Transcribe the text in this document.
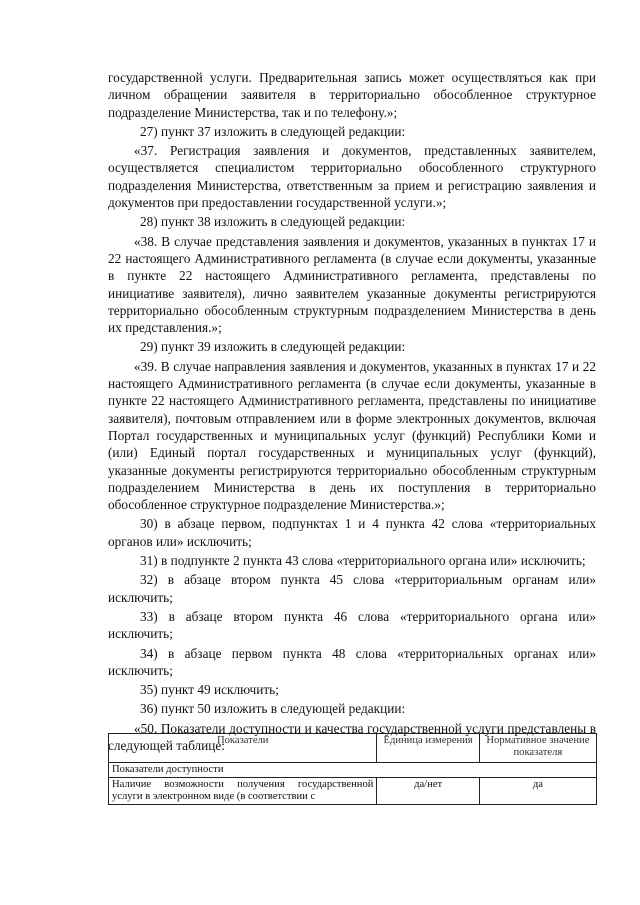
государственной услуги. Предварительная запись может осуществляться как при личном обращении заявителя в территориально обособленное структурное подразделение Министерства, так и по телефону.»;

27) пункт 37 изложить в следующей редакции:

«37. Регистрация заявления и документов, представленных заявителем, осуществляется специалистом территориально обособленного структурного подразделения Министерства, ответственным за прием и регистрацию заявления и документов при предоставлении государственной услуги.»;

28) пункт 38 изложить в следующей редакции:

«38. В случае представления заявления и документов, указанных в пунктах 17 и 22 настоящего Административного регламента (в случае если документы, указанные в пункте 22 настоящего Административного регламента, представлены по инициативе заявителя), лично заявителем указанные документы регистрируются территориально обособленным структурным подразделением Министерства в день их представления.»;

29) пункт 39 изложить в следующей редакции:

«39. В случае направления заявления и документов, указанных в пунктах 17 и 22 настоящего Административного регламента (в случае если документы, указанные в пункте 22 настоящего Административного регламента, представлены по инициативе заявителя), почтовым отправлением или в форме электронных документов, включая Портал государственных и муниципальных услуг (функций) Республики Коми и (или) Единый портал государственных и муниципальных услуг (функций), указанные документы регистрируются территориально обособленным структурным подразделением Министерства в день их поступления в территориально обособленное структурное подразделение Министерства.»;

30) в абзаце первом, подпунктах 1 и 4 пункта 42 слова «территориальных органов или» исключить;

31) в подпункте 2 пункта 43 слова «территориального органа или» исключить;

32) в абзаце втором пункта 45 слова «территориальным органам или» исключить;

33) в абзаце втором пункта 46 слова «территориального органа или» исключить;

34) в абзаце первом пункта 48 слова «территориальных органах или» исключить;

35) пункт 49 исключить;

36) пункт 50 изложить в следующей редакции:

«50. Показатели доступности и качества государственной услуги представлены в следующей таблице:

Показатели	Единица измерения	Нормативное значение показателя
Показатели доступности		
Наличие возможности получения государственной услуги в электронном виде (в соответствии с	да/нет	да
